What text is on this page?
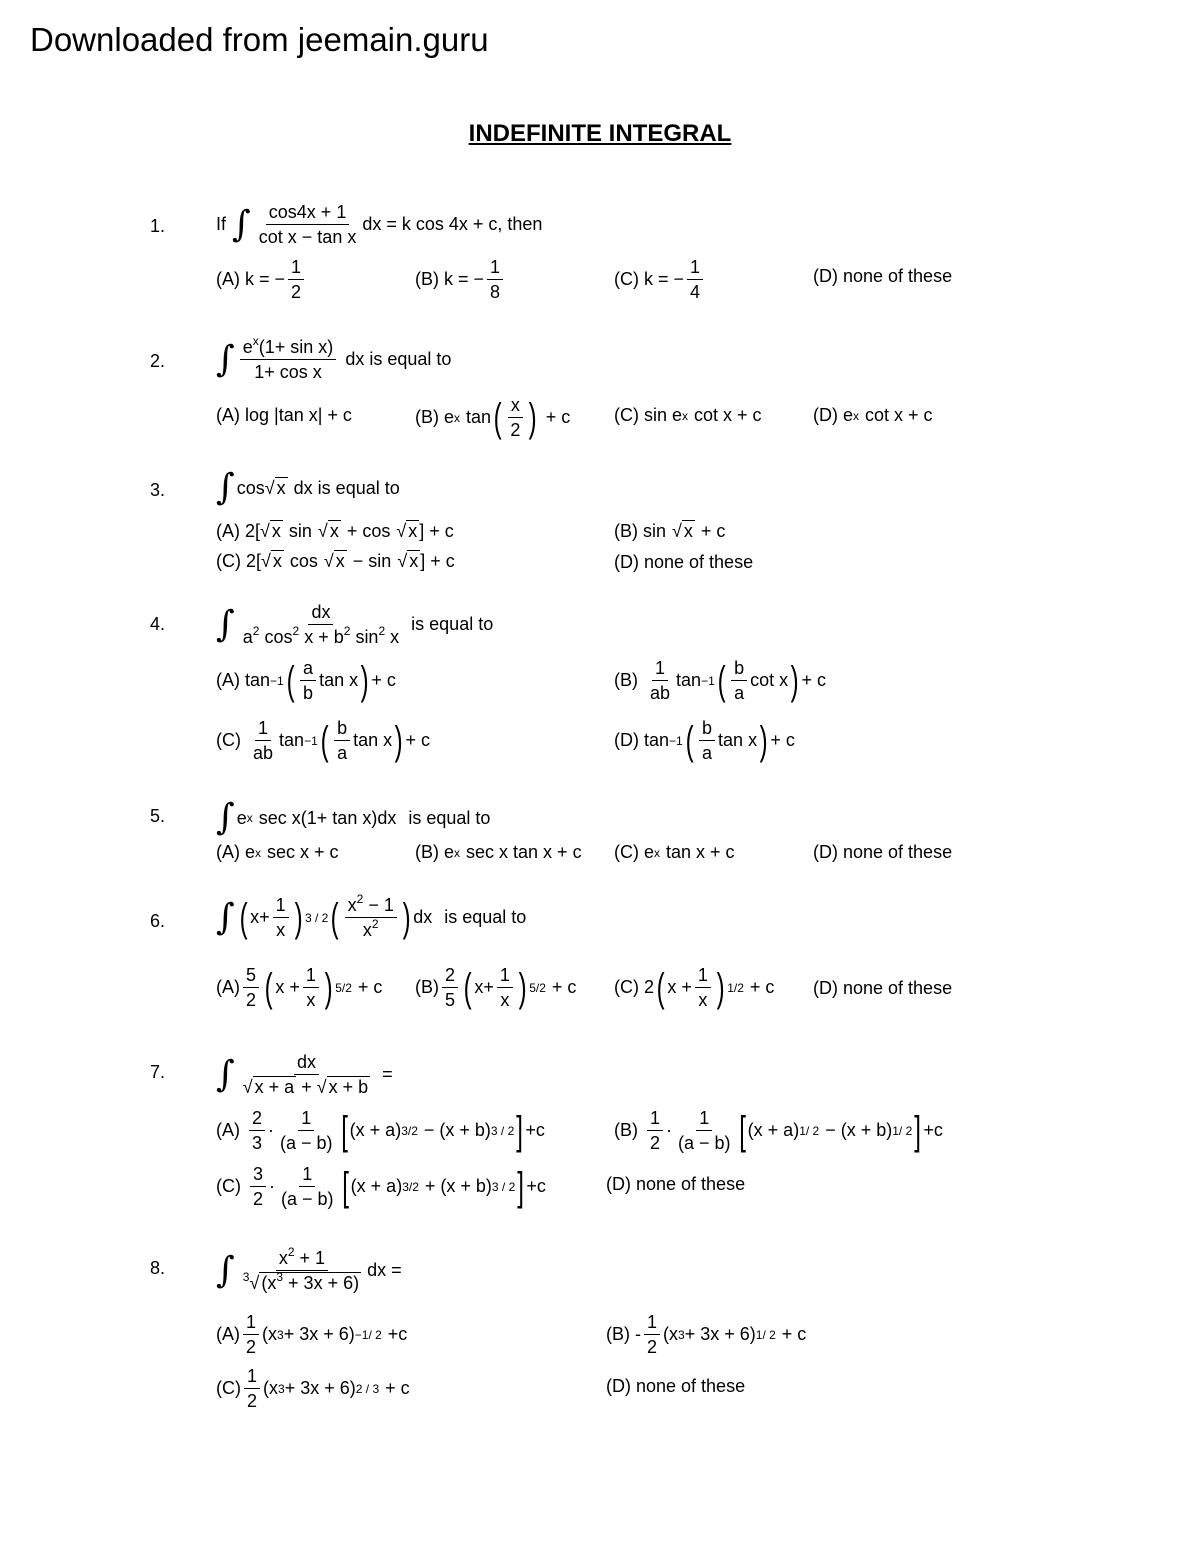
Downloaded from jeemain.guru
INDEFINITE INTEGRAL
1.	If ∫ $\frac{\cos 4x + 1}{\text{cot x − tan x}}$ dx = k cos 4x + c, then
(A) k = − $\frac{1}{2}$	(B) k = − $\frac{1}{8}$	(C) k = − $\frac{1}{4}$	(D) none of these
2. ∫ $\frac{e^x(1+ \sin x)}{\text{1+ cos x}}$ dx is equal to
(A) log |tan x| + c	(B) e x tan ( $\frac{x}{2}$ ) + c (C) sin e x cot x + c	(D) e x cot x + c
3. ∫ cos √ x dx is equal to
(A) 2[ √ x sin √ x + cos √ x ] + c	(B) sin √ x + c
(C) 2[ √ x cos √ x − sin √ x ] + c	(D) none of these
4. ∫ $\frac{dx}{a^2 \cos^2 x + b^2 \sin^2 x}$ is equal to
(A) tan −1 ( $\frac{a}{b}$ tan x ) + c	$(B) \frac{1}{ab}$ tan −1 ( $\frac{b}{a}$ cot x ) + c
$(C) \frac{1}{ab}$ tan −1 ( $\frac{b}{a}$ tan x ) + c	(D) tan −1 ( $\frac{b}{a}$ tan x ) + c
5. ∫ e x sec x(1+ tan x)dx is equal to
(A) e x sec x + c	(B) e x sec x tan x + c (C) e x tan x + c	(D) none of these
6. ∫ ( $x+ \frac{1}{x}$ ) 3 / 2 ( $\frac{x^2 - 1}{x^2}$ ) dx is equal to
$(A) \frac{5}{2}$ ( $x + \frac{1}{x}$ ) 5/2 + c $(B) \frac{2}{5}$ ( $x+ \frac{1}{x}$ ) 5/2 + c (C) 2 ( $x + \frac{1}{x}$ ) 1/2 + c (D) none of these
7. ∫ $\frac{dx}{√ x + a + √ x + b}$ =
$(A) \frac{2}{3} \cdot \frac{1}{(a - b)}$ [ (x + a) 3/2 − (x + b) 3 / 2 ] +c	$(B) \frac{1}{2} \cdot \frac{1}{(a - b)}$ [ (x + a) 1/ 2 − (x + b) 1/ 2 ] +c
$(C) \frac{3}{2} \cdot \frac{1}{(a - b)}$ [ (x + a) 3/2 + (x + b) 3 / 2 ] +c	(D) none of these
8. ∫ $\frac{x^2 + 1}{^3√ (x^3 + 3x + 6)}$ dx =
$(A) \frac{1}{2}$ ( x 3 + 3x + 6 ) −1/ 2 +c	$(B) - \frac{1}{2}$ ( x 3 + 3x + 6 ) 1/ 2 + c
$(C) \frac{1}{2}$ ( x 3 + 3x + 6 ) 2 / 3 + c	(D) none of these
